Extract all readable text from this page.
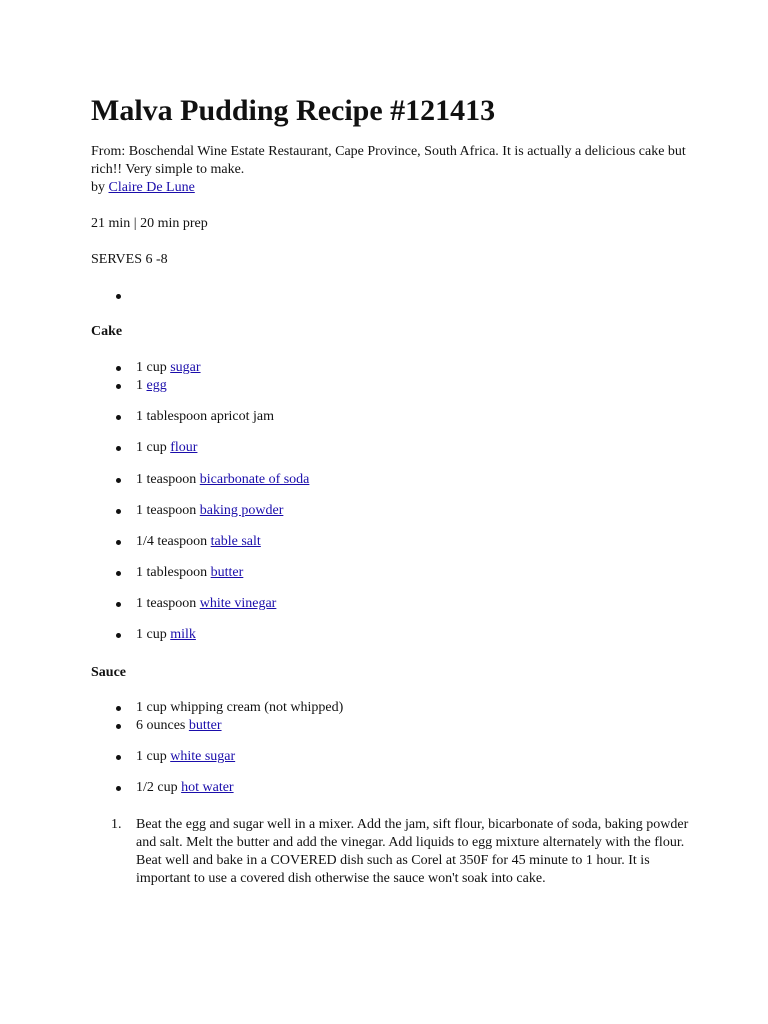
Malva Pudding Recipe #121413

From: Boschendal Wine Estate Restaurant, Cape Province, South Africa. It is actually a delicious cake but rich!! Very simple to make.

by Claire De Lune
21 min | 20 min prep
SERVES 6 -8
Cake
1 cup sugar
1 egg
1 tablespoon apricot jam
1 cup flour
1 teaspoon bicarbonate of soda
1 teaspoon baking powder
1/4 teaspoon table salt
1 tablespoon butter
1 teaspoon white vinegar
1 cup milk
Sauce
1 cup whipping cream (not whipped)
6 ounces butter
1 cup white sugar
1/2 cup hot water
1. Beat the egg and sugar well in a mixer. Add the jam, sift flour, bicarbonate of soda, baking powder and salt. Melt the butter and add the vinegar. Add liquids to egg mixture alternately with the flour. Beat well and bake in a COVERED dish such as Corel at 350F for 45 minute to 1 hour. It is important to use a covered dish otherwise the sauce won't soak into cake.
